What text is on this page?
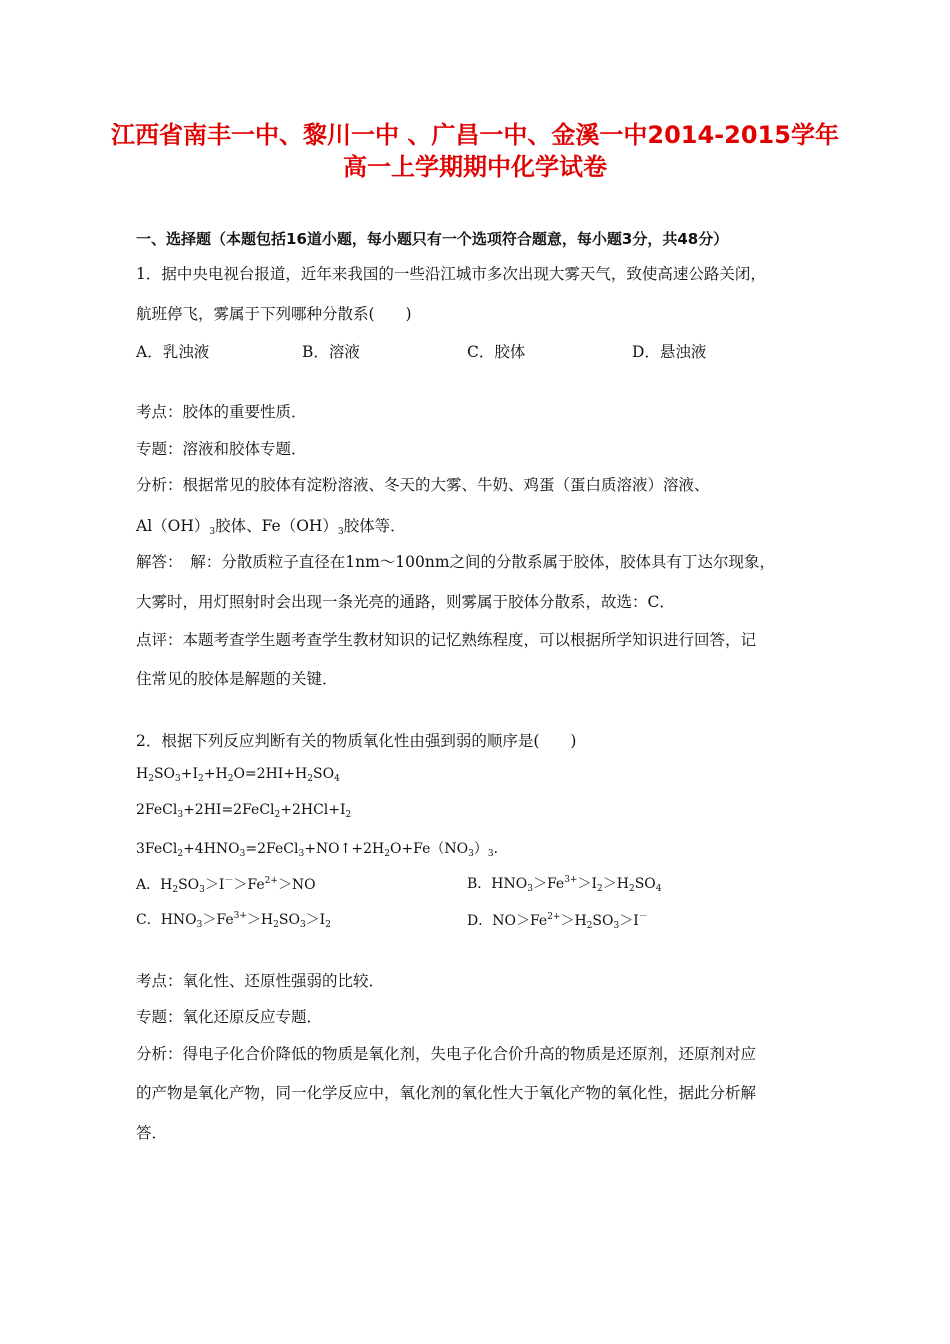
江西省南丰一中、黎川一中 、广昌一中、金溪一中2014-2015学年
高一上学期期中化学试卷
一、选择题（本题包括16道小题，每小题只有一个选项符合题意，每小题3分，共48分）
1．据中央电视台报道，近年来我国的一些沿江城市多次出现大雾天气，致使高速公路关闭，
航班停飞，雾属于下列哪种分散系(　　)
A．乳浊液	B．溶液	C．胶体	D．悬浊液
考点：胶体的重要性质．
专题：溶液和胶体专题．
分析：根据常见的胶体有淀粉溶液、冬天的大雾、牛奶、鸡蛋（蛋白质溶液）溶液、
$Al(OH)_3$胶体、$Fe(OH)_3$胶体等．
解答：　解：分散质粒子直径在1nm～100nm之间的分散系属于胶体，胶体具有丁达尔现象，
大雾时，用灯照射时会出现一条光亮的通路，则雾属于胶体分散系，故选：C．
点评：本题考查学生题考查学生教材知识的记忆熟练程度，可以根据所学知识进行回答，记
住常见的胶体是解题的关键．
2．根据下列反应判断有关的物质氧化性由强到弱的顺序是(　　)
$H_2SO_3+I_2+H_2O=2HI+H_2SO_4$
$2FeCl_3+2HI=2FeCl_2+2HCl+I_2$
$3FeCl_2+4HNO_3=2FeCl_3+NO↑+2H_2O+Fe(NO_3)_3$．
A．$H_2SO_3>I^->Fe^{2+}>NO$	B．$HNO_3>Fe^{3+}>I_2>H_2SO_4$
C．$HNO_3>Fe^{3+}>H_2SO_3>I_2$	D．$NO>Fe^{2+}>H_2SO_3>I^-$
考点：氧化性、还原性强弱的比较．
专题：氧化还原反应专题．
分析：得电子化合价降低的物质是氧化剂，失电子化合价升高的物质是还原剂，还原剂对应
的产物是氧化产物，同一化学反应中，氧化剂的氧化性大于氧化产物的氧化性，据此分析解
答．
